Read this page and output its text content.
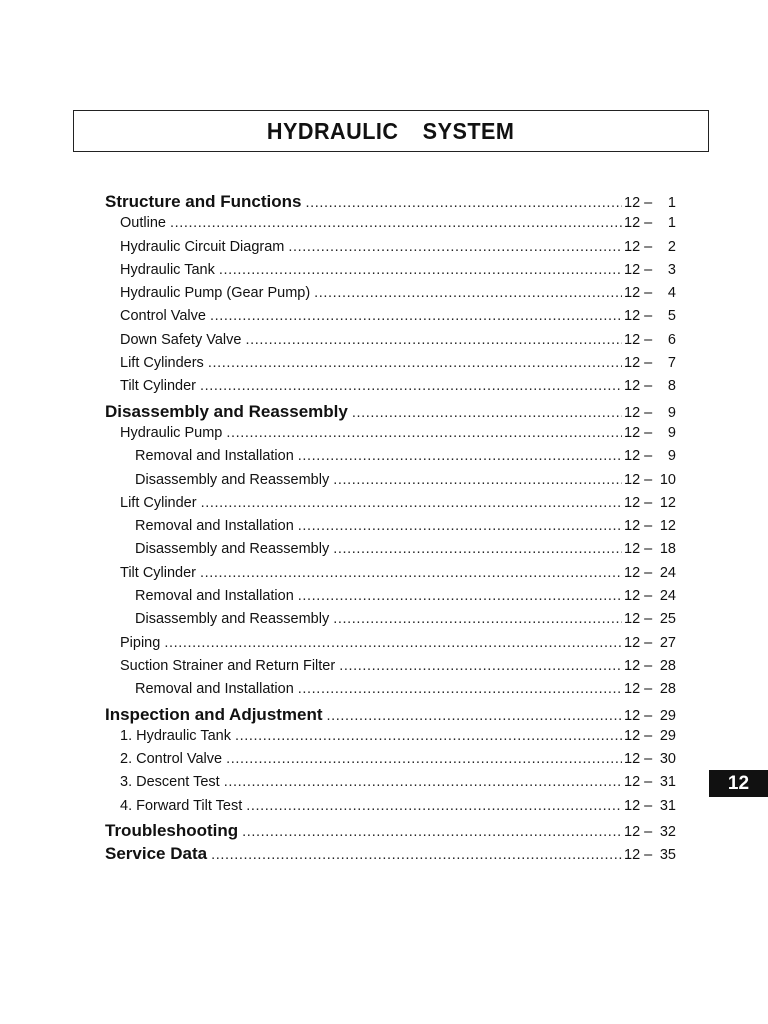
HYDRAULIC  SYSTEM
Structure and Functions .....	12 – 1
Outline .....	12 – 1
Hydraulic Circuit Diagram .....	12 – 2
Hydraulic Tank .....	12 – 3
Hydraulic Pump (Gear Pump) .....	12 – 4
Control Valve .....	12 – 5
Down Safety Valve .....	12 – 6
Lift Cylinders .....	12 – 7
Tilt Cylinder .....	12 – 8
Disassembly and Reassembly .....	12 – 9
Hydraulic Pump .....	12 – 9
Removal and Installation .....	12 – 9
Disassembly and Reassembly .....	12 – 10
Lift Cylinder .....	12 – 12
Removal and Installation .....	12 – 12
Disassembly and Reassembly .....	12 – 18
Tilt Cylinder .....	12 – 24
Removal and Installation .....	12 – 24
Disassembly and Reassembly .....	12 – 25
Piping .....	12 – 27
Suction Strainer and Return Filter .....	12 – 28
Removal and Installation .....	12 – 28
Inspection and Adjustment .....	12 – 29
1. Hydraulic Tank .....	12 – 29
2. Control Valve .....	12 – 30
3. Descent Test .....	12 – 31
4. Forward Tilt Test .....	12 – 31
Troubleshooting .....	12 – 32
Service Data .....	12 – 35
12
